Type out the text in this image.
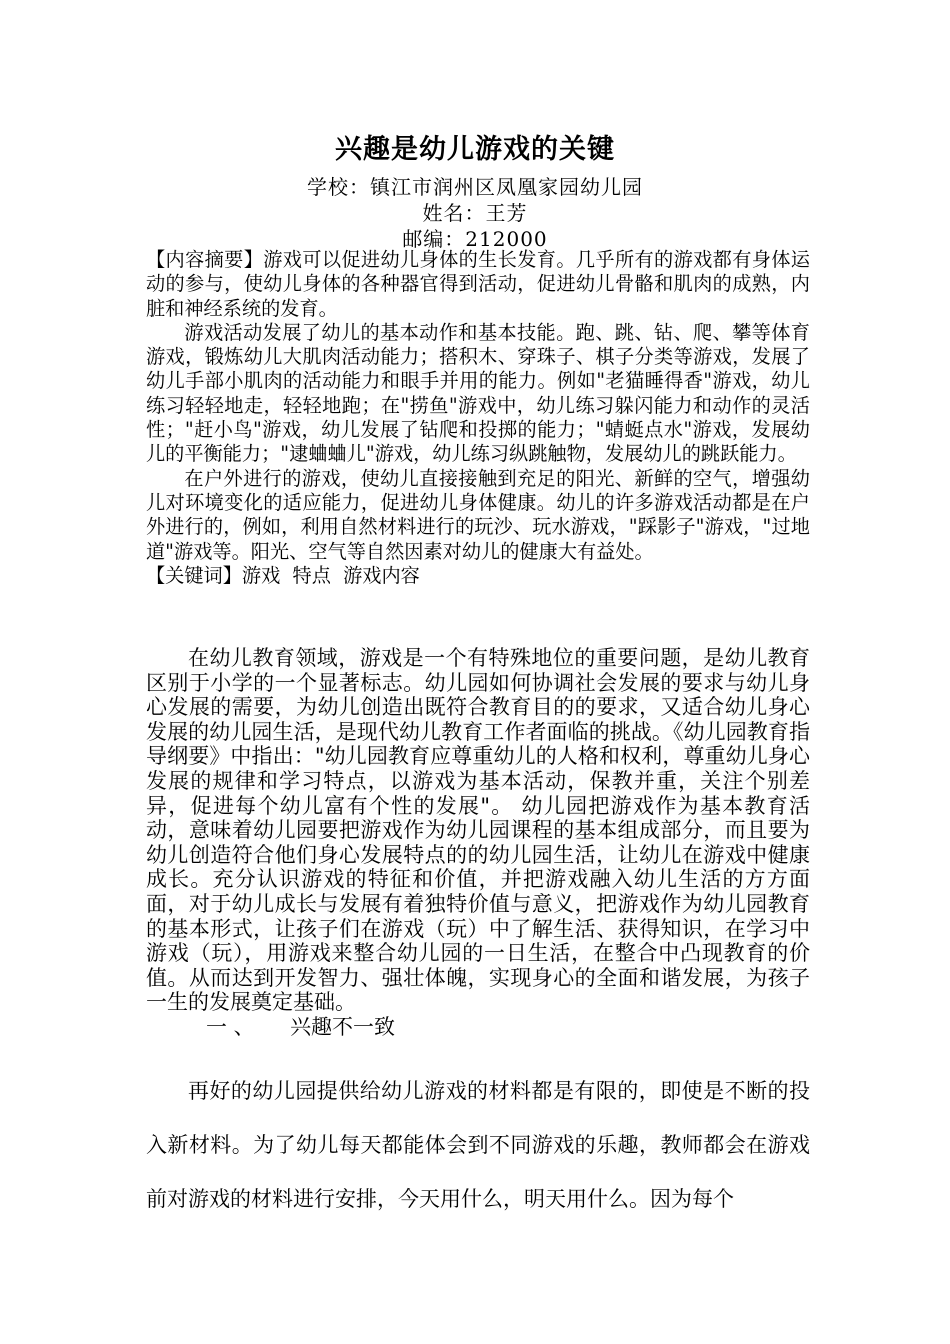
兴趣是幼儿游戏的关键
学校：镇江市润州区凤凰家园幼儿园
姓名：王芳
邮编：212000

【内容摘要】游戏可以促进幼儿身体的生长发育。几乎所有的游戏都有身体运动的参与，使幼儿身体的各种器官得到活动，促进幼儿骨骼和肌肉的成熟，内脏和神经系统的发育。

游戏活动发展了幼儿的基本动作和基本技能。跑、跳、钻、爬、攀等体育游戏，锻炼幼儿大肌肉活动能力；搭积木、穿珠子、棋子分类等游戏，发展了幼儿手部小肌肉的活动能力和眼手并用的能力。例如"老猫睡得香"游戏，幼儿练习轻轻地走，轻轻地跑；在"捞鱼"游戏中，幼儿练习躲闪能力和动作的灵活性；"赶小鸟"游戏，幼儿发展了钻爬和投掷的能力；"蜻蜓点水"游戏，发展幼儿的平衡能力；"逮蛐蛐儿"游戏，幼儿练习纵跳触物，发展幼儿的跳跃能力。

在户外进行的游戏，使幼儿直接接触到充足的阳光、新鲜的空气，增强幼儿对环境变化的适应能力，促进幼儿身体健康。幼儿的许多游戏活动都是在户外进行的，例如，利用自然材料进行的玩沙、玩水游戏，"踩影子"游戏，"过地道"游戏等。阳光、空气等自然因素对幼儿的健康大有益处。

【关键词】游戏  特点  游戏内容

在幼儿教育领域，游戏是一个有特殊地位的重要问题，是幼儿教育区别于小学的一个显著标志。幼儿园如何协调社会发展的要求与幼儿身心发展的需要，为幼儿创造出既符合教育目的的要求，又适合幼儿身心发展的幼儿园生活，是现代幼儿教育工作者面临的挑战。《幼儿园教育指导纲要》中指出："幼儿园教育应尊重幼儿的人格和权利，尊重幼儿身心发展的规律和学习特点，以游戏为基本活动，保教并重，关注个别差异，促进每个幼儿富有个性的发展"。 幼儿园把游戏作为基本教育活动，意味着幼儿园要把游戏作为幼儿园课程的基本组成部分，而且要为幼儿创造符合他们身心发展特点的的幼儿园生活，让幼儿在游戏中健康成长。充分认识游戏的特征和价值，并把游戏融入幼儿生活的方方面面，对于幼儿成长与发展有着独特价值与意义，把游戏作为幼儿园教育的基本形式，让孩子们在游戏（玩）中了解生活、获得知识，在学习中游戏（玩），用游戏来整合幼儿园的一日生活，在整合中凸现教育的价值。从而达到开发智力、强壮体魄，实现身心的全面和谐发展，为孩子一生的发展奠定基础。

一 、 兴趣不一致

再好的幼儿园提供给幼儿游戏的材料都是有限的，即使是不断的投入新材料。为了幼儿每天都能体会到不同游戏的乐趣，教师都会在游戏前对游戏的材料进行安排，今天用什么，明天用什么。因为每个
